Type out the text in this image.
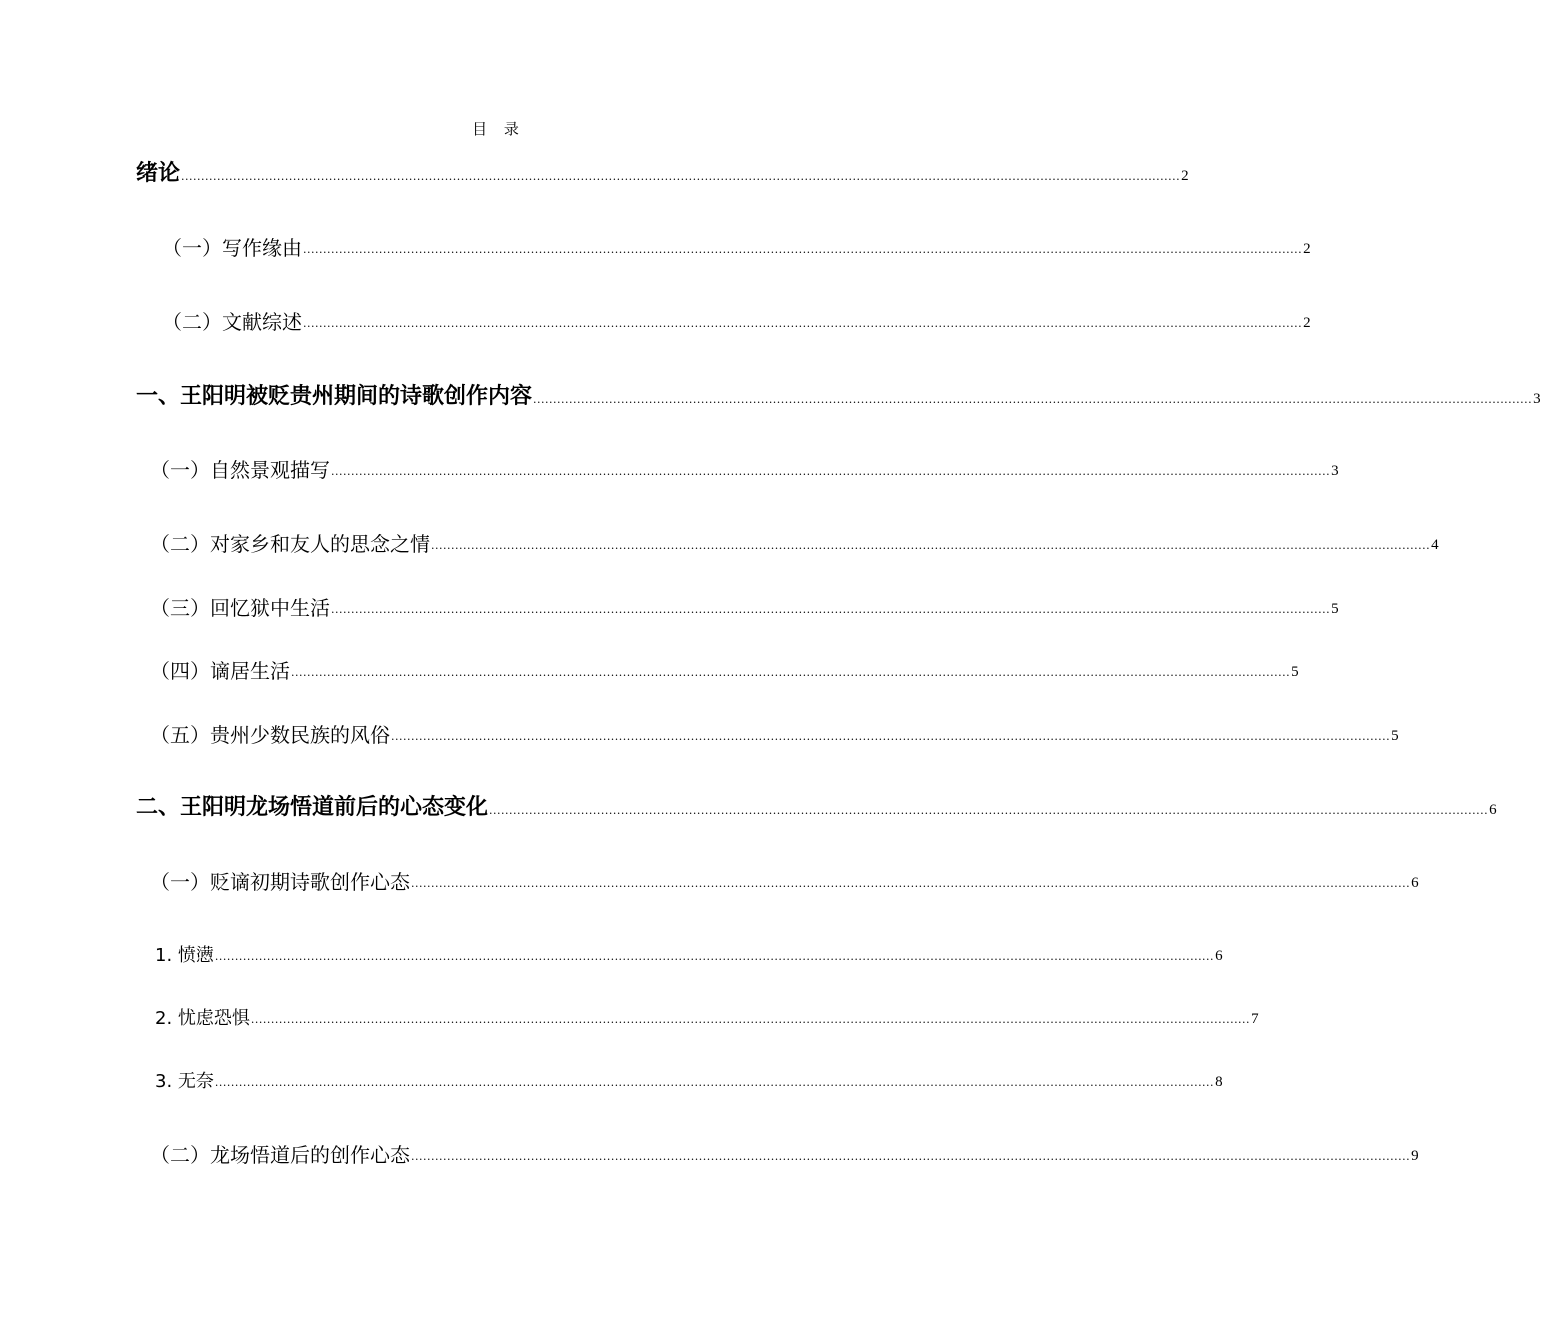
目 录
绪论 .......................................................................................................................................................................................................................................................... 2
（一）写作缘由 .......................................................................................................................................................................................................................................................... 2
（二）文献综述 .......................................................................................................................................................................................................................................................... 2
一、王阳明被贬贵州期间的诗歌创作内容 .......................................................................................................................................................................................................................................................... 3
（一）自然景观描写 .......................................................................................................................................................................................................................................................... 3
（二）对家乡和友人的思念之情 .......................................................................................................................................................................................................................................................... 4
（三）回忆狱中生活 .......................................................................................................................................................................................................................................................... 5
（四）谪居生活 .......................................................................................................................................................................................................................................................... 5
（五）贵州少数民族的风俗 .......................................................................................................................................................................................................................................................... 5
二、王阳明龙场悟道前后的心态变化 .......................................................................................................................................................................................................................................................... 6
（一）贬谪初期诗歌创作心态 .......................................................................................................................................................................................................................................................... 6
1. 愤懑 .......................................................................................................................................................................................................................................................... 6
2. 忧虑恐惧 .......................................................................................................................................................................................................................................................... 7
3. 无奈 .......................................................................................................................................................................................................................................................... 8
（二）龙场悟道后的创作心态 .......................................................................................................................................................................................................................................................... 9
